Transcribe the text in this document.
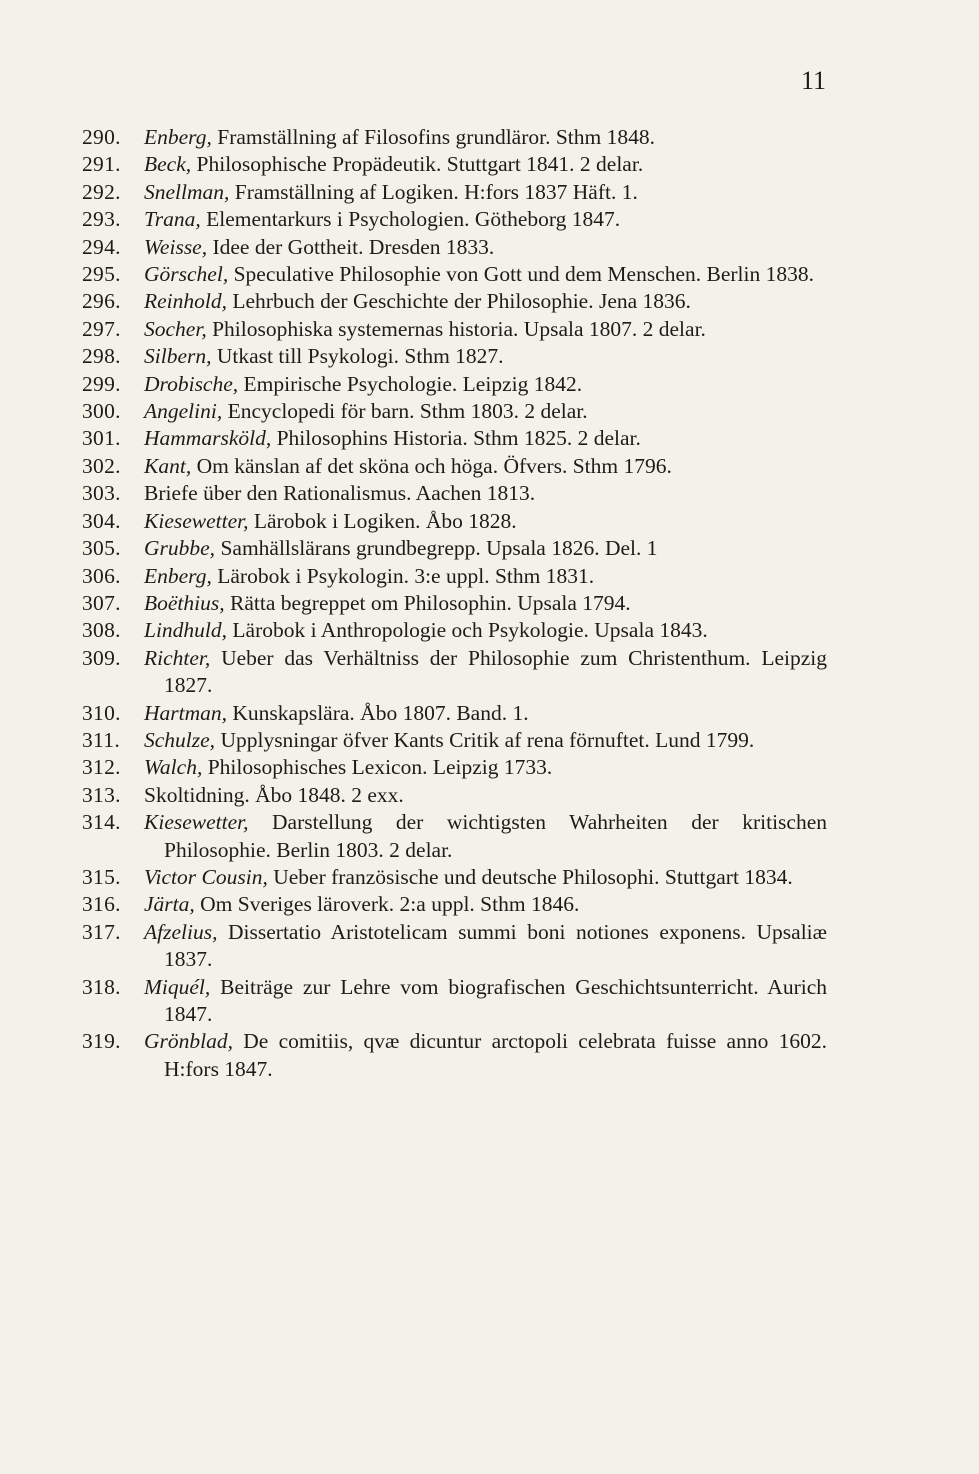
11
290.	Enberg, Framställning af Filosofins grundläror. Sthm 1848.
291.	Beck, Philosophische Propädeutik. Stuttgart 1841. 2 delar.
292.	Snellman, Framställning af Logiken. H:fors 1837 Häft. 1.
293.	Trana, Elementarkurs i Psychologien. Götheborg 1847.
294.	Weisse, Idee der Gottheit. Dresden 1833.
295.	Görschel, Speculative Philosophie von Gott und dem Menschen. Berlin 1838.
296.	Reinhold, Lehrbuch der Geschichte der Philosophie. Jena 1836.
297.	Socher, Philosophiska systemernas historia. Upsala 1807. 2 delar.
298.	Silbern, Utkast till Psykologi. Sthm 1827.
299.	Drobische, Empirische Psychologie. Leipzig 1842.
300.	Angelini, Encyclopedi för barn. Sthm 1803. 2 delar.
301.	Hammarsköld, Philosophins Historia. Sthm 1825. 2 delar.
302.	Kant, Om känslan af det sköna och höga. Öfvers. Sthm 1796.
303.	Briefe über den Rationalismus. Aachen 1813.
304.	Kiesewetter, Lärobok i Logiken. Åbo 1828.
305.	Grubbe, Samhällslärans grundbegrepp. Upsala 1826. Del. 1
306.	Enberg, Lärobok i Psykologin. 3:e uppl. Sthm 1831.
307.	Boëthius, Rätta begreppet om Philosophin. Upsala 1794.
308.	Lindhuld, Lärobok i Anthropologie och Psykologie. Upsala 1843.
309.	Richter, Ueber das Verhältniss der Philosophie zum Christenthum. Leipzig 1827.
310.	Hartman, Kunskapslära. Åbo 1807. Band. 1.
311.	Schulze, Upplysningar öfver Kants Critik af rena förnuftet. Lund 1799.
312.	Walch, Philosophisches Lexicon. Leipzig 1733.
313.	Skoltidning. Åbo 1848. 2 exx.
314.	Kiesewetter, Darstellung der wichtigsten Wahrheiten der kritischen Philosophie. Berlin 1803. 2 delar.
315.	Victor Cousin, Ueber französische und deutsche Philosophi. Stuttgart 1834.
316.	Järta, Om Sveriges läroverk. 2:a uppl. Sthm 1846.
317.	Afzelius, Dissertatio Aristotelicam summi boni notiones exponens. Upsaliæ 1837.
318.	Miquél, Beiträge zur Lehre vom biografischen Geschichtsunterricht. Aurich 1847.
319.	Grönblad, De comitiis, qvæ dicuntur arctopoli celebrata fuisse anno 1602. H:fors 1847.
